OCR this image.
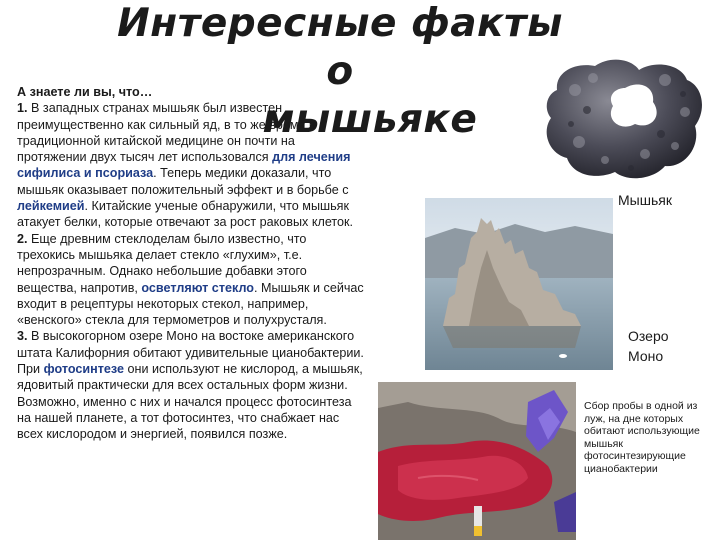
Интересные факты о
мышьяке

А знаете ли вы, что…

1. В западных странах мышьяк был известен преимущественно как сильный яд, в то же время в традиционной китайской медицине он почти на протяжении двух тысяч лет использовался для лечения сифилиса и псориаза. Теперь медики доказали, что мышьяк оказывает положительный эффект и в борьбе с лейкемией. Китайские ученые обнаружили, что мышьяк атакует белки, которые отвечают за рост раковых клеток.

2. Еще древним стеклоделам было известно, что трехокись мышьяка делает стекло «глухим», т.е. непрозрачным. Однако небольшие добавки этого вещества, напротив, осветляют стекло. Мышьяк и сейчас входит в рецептуры некоторых стекол, например, «венского» стекла для термометров и полухрусталя.

3. В высокогорном озере Моно на востоке американского штата Калифорния обитают удивительные цианобактерии. При фотосинтезе они используют не кислород, а мышьяк, ядовитый практически для всех остальных форм жизни. Возможно, именно с них и начался процесс фотосинтеза на нашей планете, а тот фотосинтез, что снабжает нас всех кислородом и энергией, появился позже.

Мышьяк
Озеро
Моно
Сбор пробы в одной из луж, на дне которых обитают использующие мышьяк фотосинтезирующие цианобактерии
